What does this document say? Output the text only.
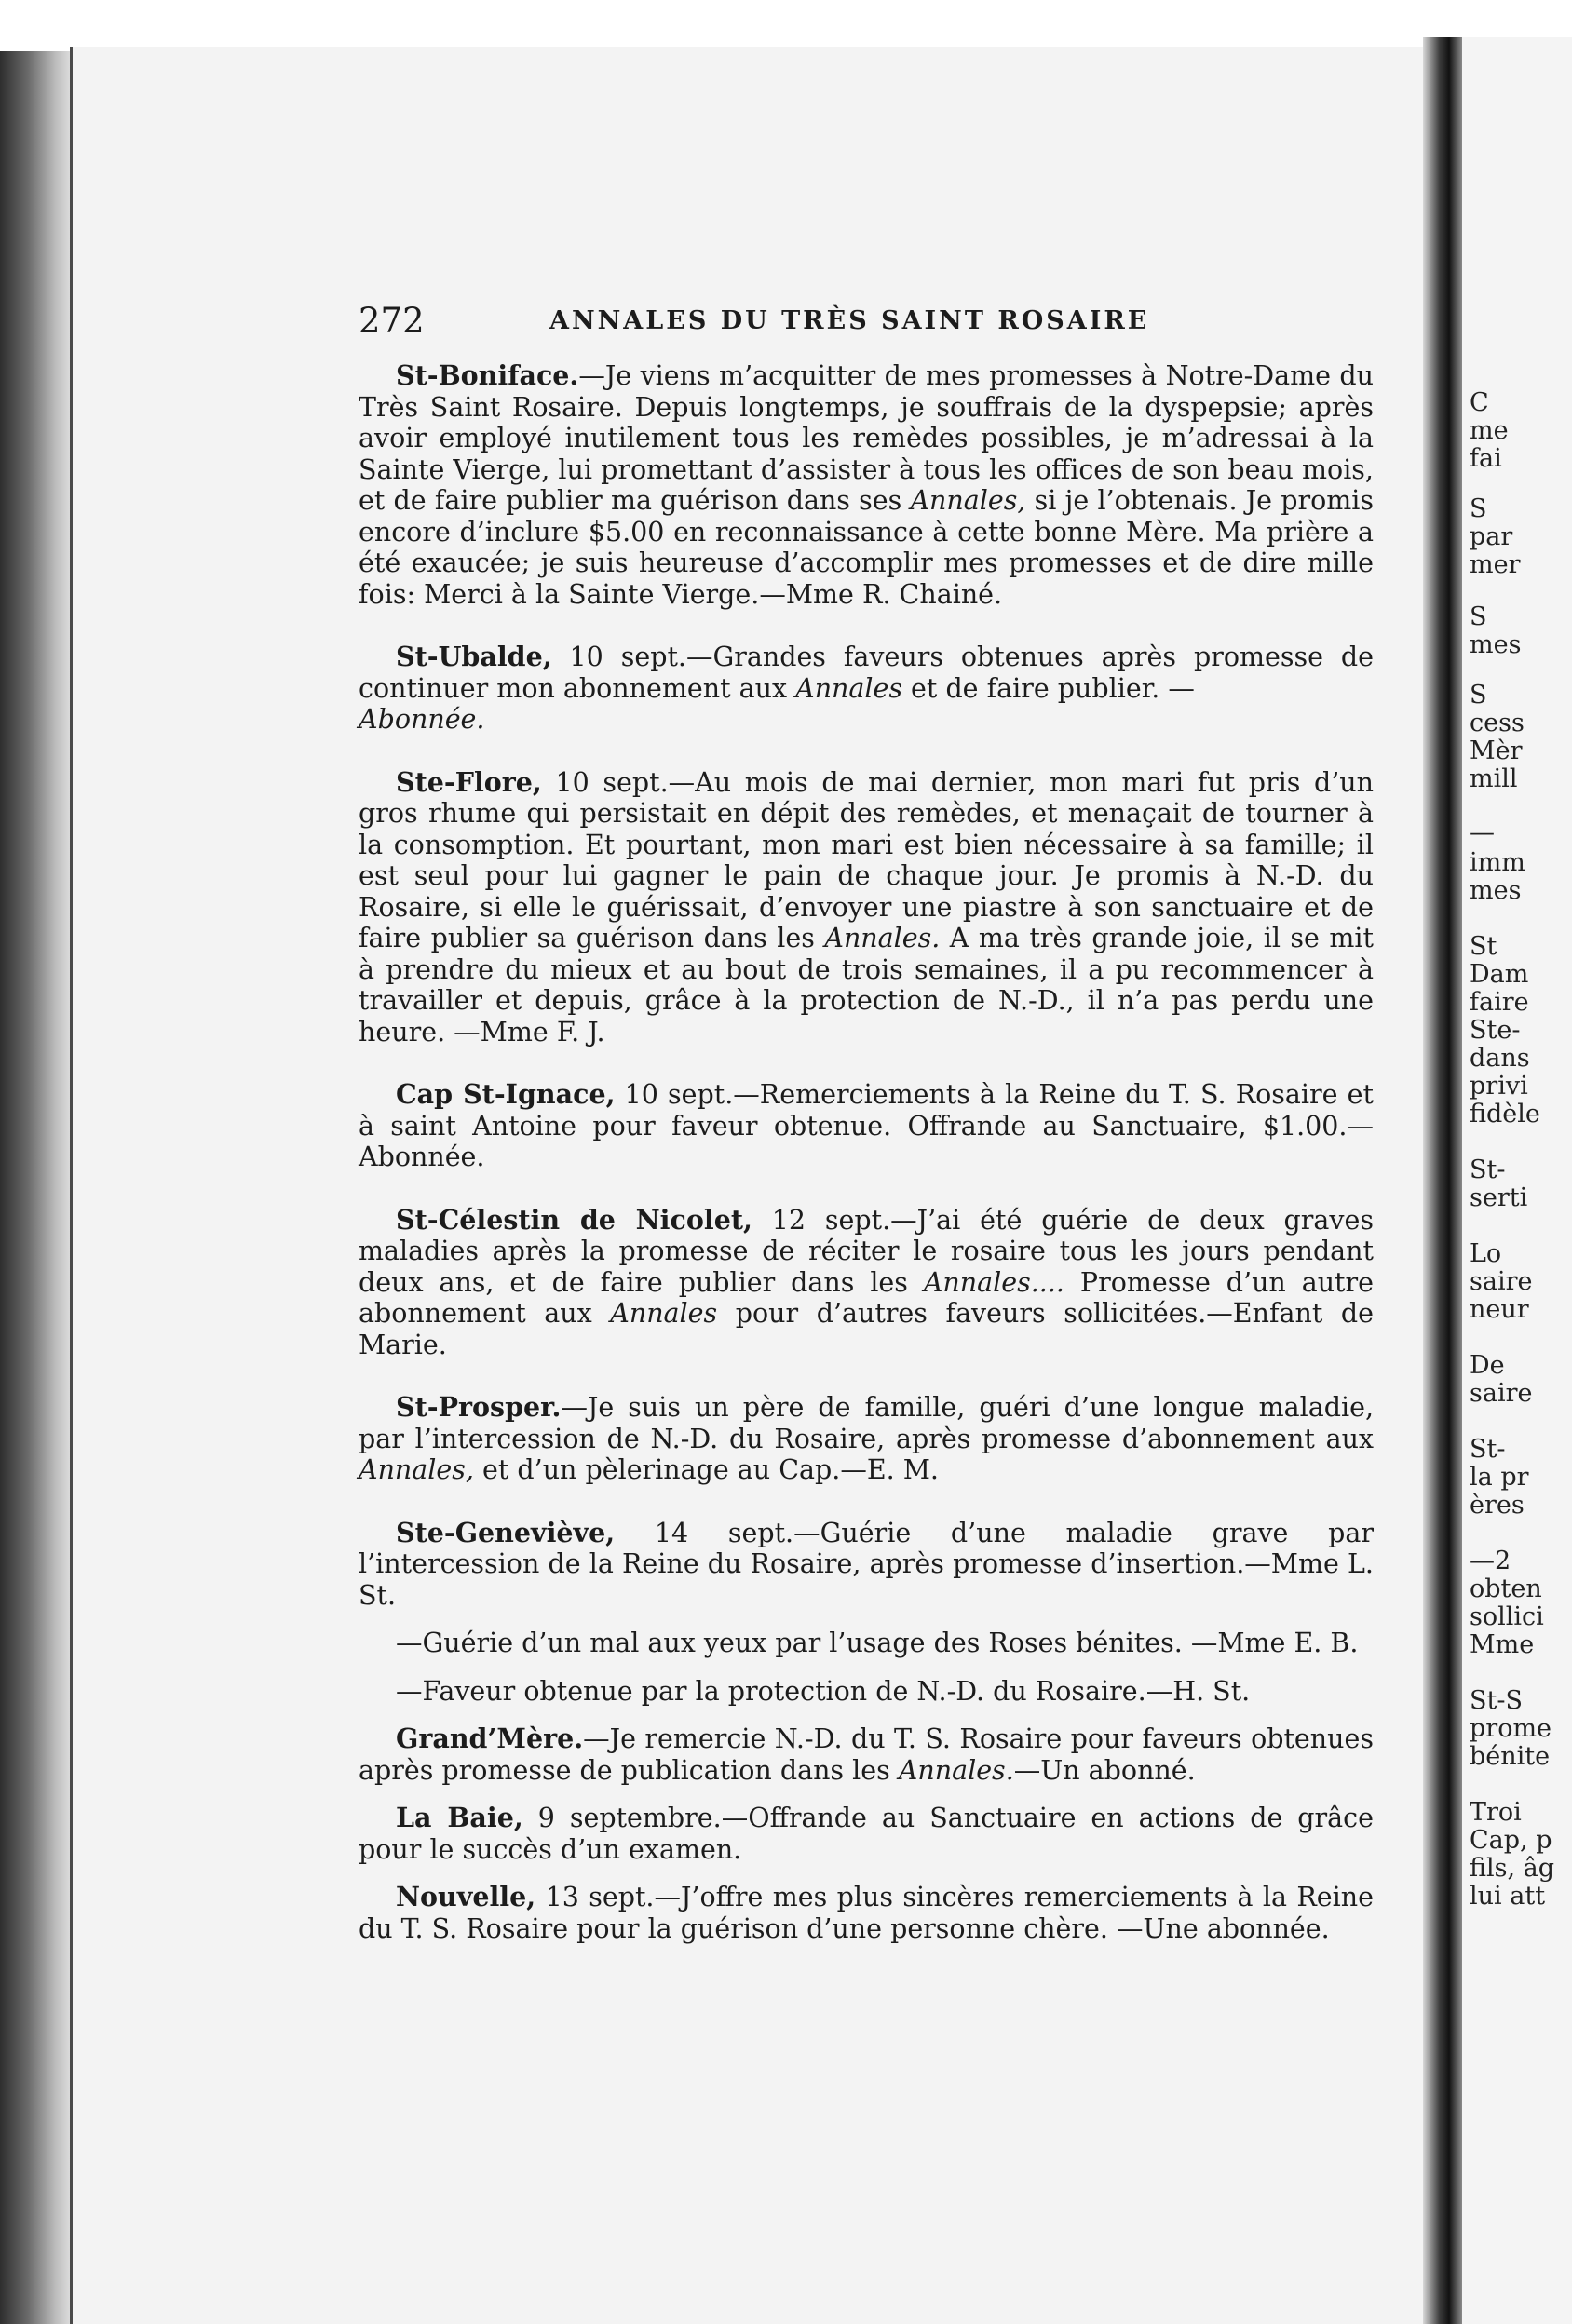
C
me
fai
S
par
mer
S
mes
S
cess
Mèr
mill
—
imm
mes
St
Dam
faire
Ste-
dans
privi
fidèle
St-
serti
Lo
saire
neur
De
saire
St-
la pr
ères
—2
obten
sollici
Mme
St-S
prome
bénite
Troi
Cap, p
fils, âg
lui att
272	ANNALES DU TRÈS SAINT ROSAIRE

St-Boniface.—Je viens m’acquitter de mes promesses à Notre-Dame du Très Saint Rosaire. Depuis longtemps, je souffrais de la dyspepsie; après avoir employé inutilement tous les remèdes possibles, je m’adressai à la Sainte Vierge, lui promettant d’assister à tous les offices de son beau mois, et de faire publier ma guérison dans ses Annales, si je l’obtenais. Je promis encore d’inclure $5.00 en reconnaissance à cette bonne Mère. Ma prière a été exaucée; je suis heureuse d’accomplir mes promesses et de dire mille fois: Merci à la Sainte Vierge.—Mme R. Chainé.

St-Ubalde, 10 sept.—Grandes faveurs obtenues après promesse de continuer mon abonnement aux Annales et de faire publier. —
Abonnée.

Ste-Flore, 10 sept.—Au mois de mai dernier, mon mari fut pris d’un gros rhume qui persistait en dépit des remèdes, et menaçait de tourner à la consomption. Et pourtant, mon mari est bien nécessaire à sa famille; il est seul pour lui gagner le pain de chaque jour. Je promis à N.-D. du Rosaire, si elle le guérissait, d’envoyer une piastre à son sanctuaire et de faire publier sa guérison dans les Annales. A ma très grande joie, il se mit à prendre du mieux et au bout de trois semaines, il a pu recommencer à travailler et depuis, grâce à la protection de N.-D., il n’a pas perdu une heure. —Mme F. J.

Cap St-Ignace, 10 sept.—Remerciements à la Reine du T. S. Rosaire et à saint Antoine pour faveur obtenue. Offrande au Sanctuaire, $1.00.—Abonnée.

St-Célestin de Nicolet, 12 sept.—J’ai été guérie de deux graves maladies après la promesse de réciter le rosaire tous les jours pendant deux ans, et de faire publier dans les Annales.... Promesse d’un autre abonnement aux Annales pour d’autres faveurs sollicitées.—Enfant de Marie.

St-Prosper.—Je suis un père de famille, guéri d’une longue maladie, par l’intercession de N.-D. du Rosaire, après promesse d’abonnement aux Annales, et d’un pèlerinage au Cap.—E. M.

Ste-Geneviève, 14 sept.—Guérie d’une maladie grave par l’intercession de la Reine du Rosaire, après promesse d’insertion.—Mme L. St.

—Guérie d’un mal aux yeux par l’usage des Roses bénites. —Mme E. B.

—Faveur obtenue par la protection de N.-D. du Rosaire.—H. St.

Grand’Mère.—Je remercie N.-D. du T. S. Rosaire pour faveurs obtenues après promesse de publication dans les Annales.—Un abonné.

La Baie, 9 septembre.—Offrande au Sanctuaire en actions de grâce pour le succès d’un examen.

Nouvelle, 13 sept.—J’offre mes plus sincères remerciements à la Reine du T. S. Rosaire pour la guérison d’une personne chère. —Une abonnée.
